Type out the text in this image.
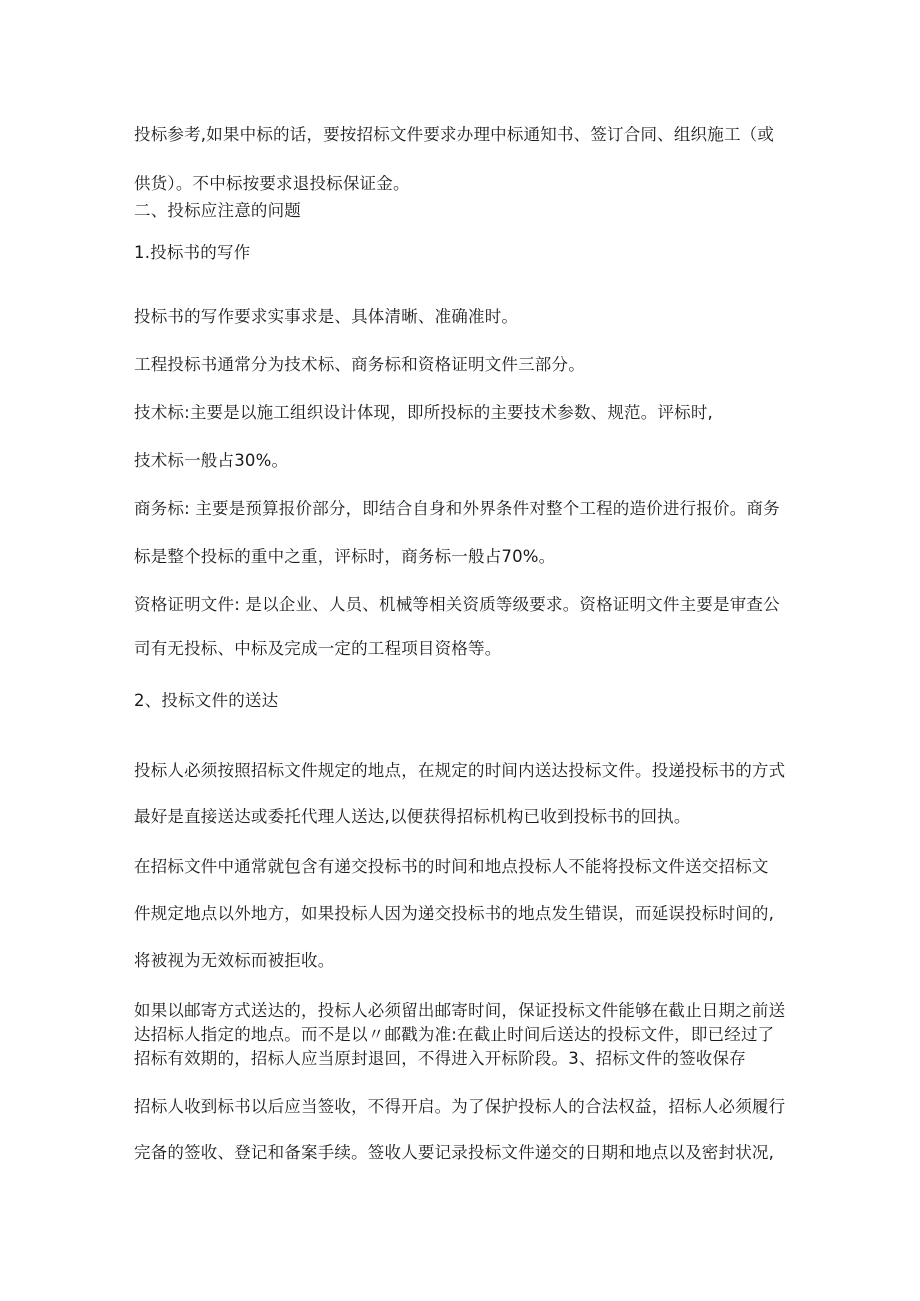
投标参考,如果中标的话，要按招标文件要求办理中标通知书、签订合同、组织施工（或
供货）。不中标按要求退投标保证金。
二、投标应注意的问题
1.投标书的写作
投标书的写作要求实事求是、具体清晰、准确准时。
工程投标书通常分为技术标、商务标和资格证明文件三部分。
技术标:主要是以施工组织设计体现，即所投标的主要技术参数、规范。评标时,
技术标一般占30%。
商务标: 主要是预算报价部分，即结合自身和外界条件对整个工程的造价进行报价。商务
标是整个投标的重中之重，评标时，商务标一般占70%。
资格证明文件: 是以企业、人员、机械等相关资质等级要求。资格证明文件主要是审查公
司有无投标、中标及完成一定的工程项目资格等。
2、投标文件的送达
投标人必须按照招标文件规定的地点，在规定的时间内送达投标文件。投递投标书的方式
最好是直接送达或委托代理人送达,以便获得招标机构已收到投标书的回执。
在招标文件中通常就包含有递交投标书的时间和地点投标人不能将投标文件送交招标文
件规定地点以外地方，如果投标人因为递交投标书的地点发生错误，而延误投标时间的,
将被视为无效标而被拒收。
如果以邮寄方式送达的，投标人必须留出邮寄时间，保证投标文件能够在截止日期之前送
达招标人指定的地点。而不是以〃邮戳为准:在截止时间后送达的投标文件，即已经过了
招标有效期的，招标人应当原封退回，不得进入开标阶段。3、招标文件的签收保存
招标人收到标书以后应当签收，不得开启。为了保护投标人的合法权益，招标人必须履行
完备的签收、登记和备案手续。签收人要记录投标文件递交的日期和地点以及密封状况,
